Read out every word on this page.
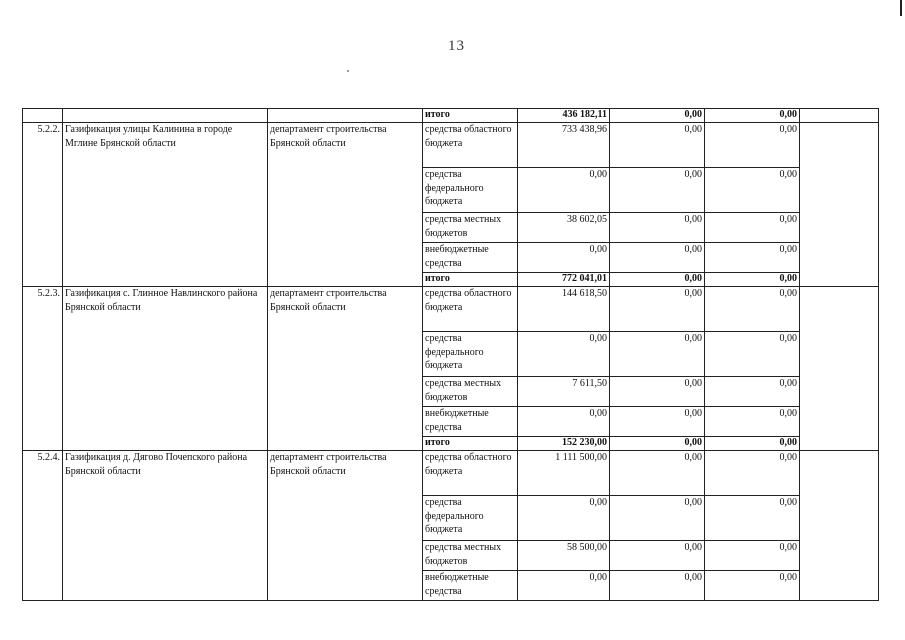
13
			итого	436 182,11	0,00	0,00	
5.2.2.	Газификация улицы Калинина в городе Мглине Брянской области	департамент строительства Брянской области	средства областного бюджета	733 438,96	0,00	0,00	
			средства федерального бюджета	0,00	0,00	0,00	
			средства местных бюджетов	38 602,05	0,00	0,00	
			внебюджетные средства	0,00	0,00	0,00	
			итого	772 041,01	0,00	0,00	
5.2.3.	Газификация с. Глинное Навлинского района Брянской области	департамент строительства Брянской области	средства областного бюджета	144 618,50	0,00	0,00	
			средства федерального бюджета	0,00	0,00	0,00	
			средства местных бюджетов	7 611,50	0,00	0,00	
			внебюджетные средства	0,00	0,00	0,00	
			итого	152 230,00	0,00	0,00	
5.2.4.	Газификация д. Дягово Почепского района Брянской области	департамент строительства Брянской области	средства областного бюджета	1 111 500,00	0,00	0,00	
			средства федерального бюджета	0,00	0,00	0,00	
			средства местных бюджетов	58 500,00	0,00	0,00	
			внебюджетные средства	0,00	0,00	0,00	
